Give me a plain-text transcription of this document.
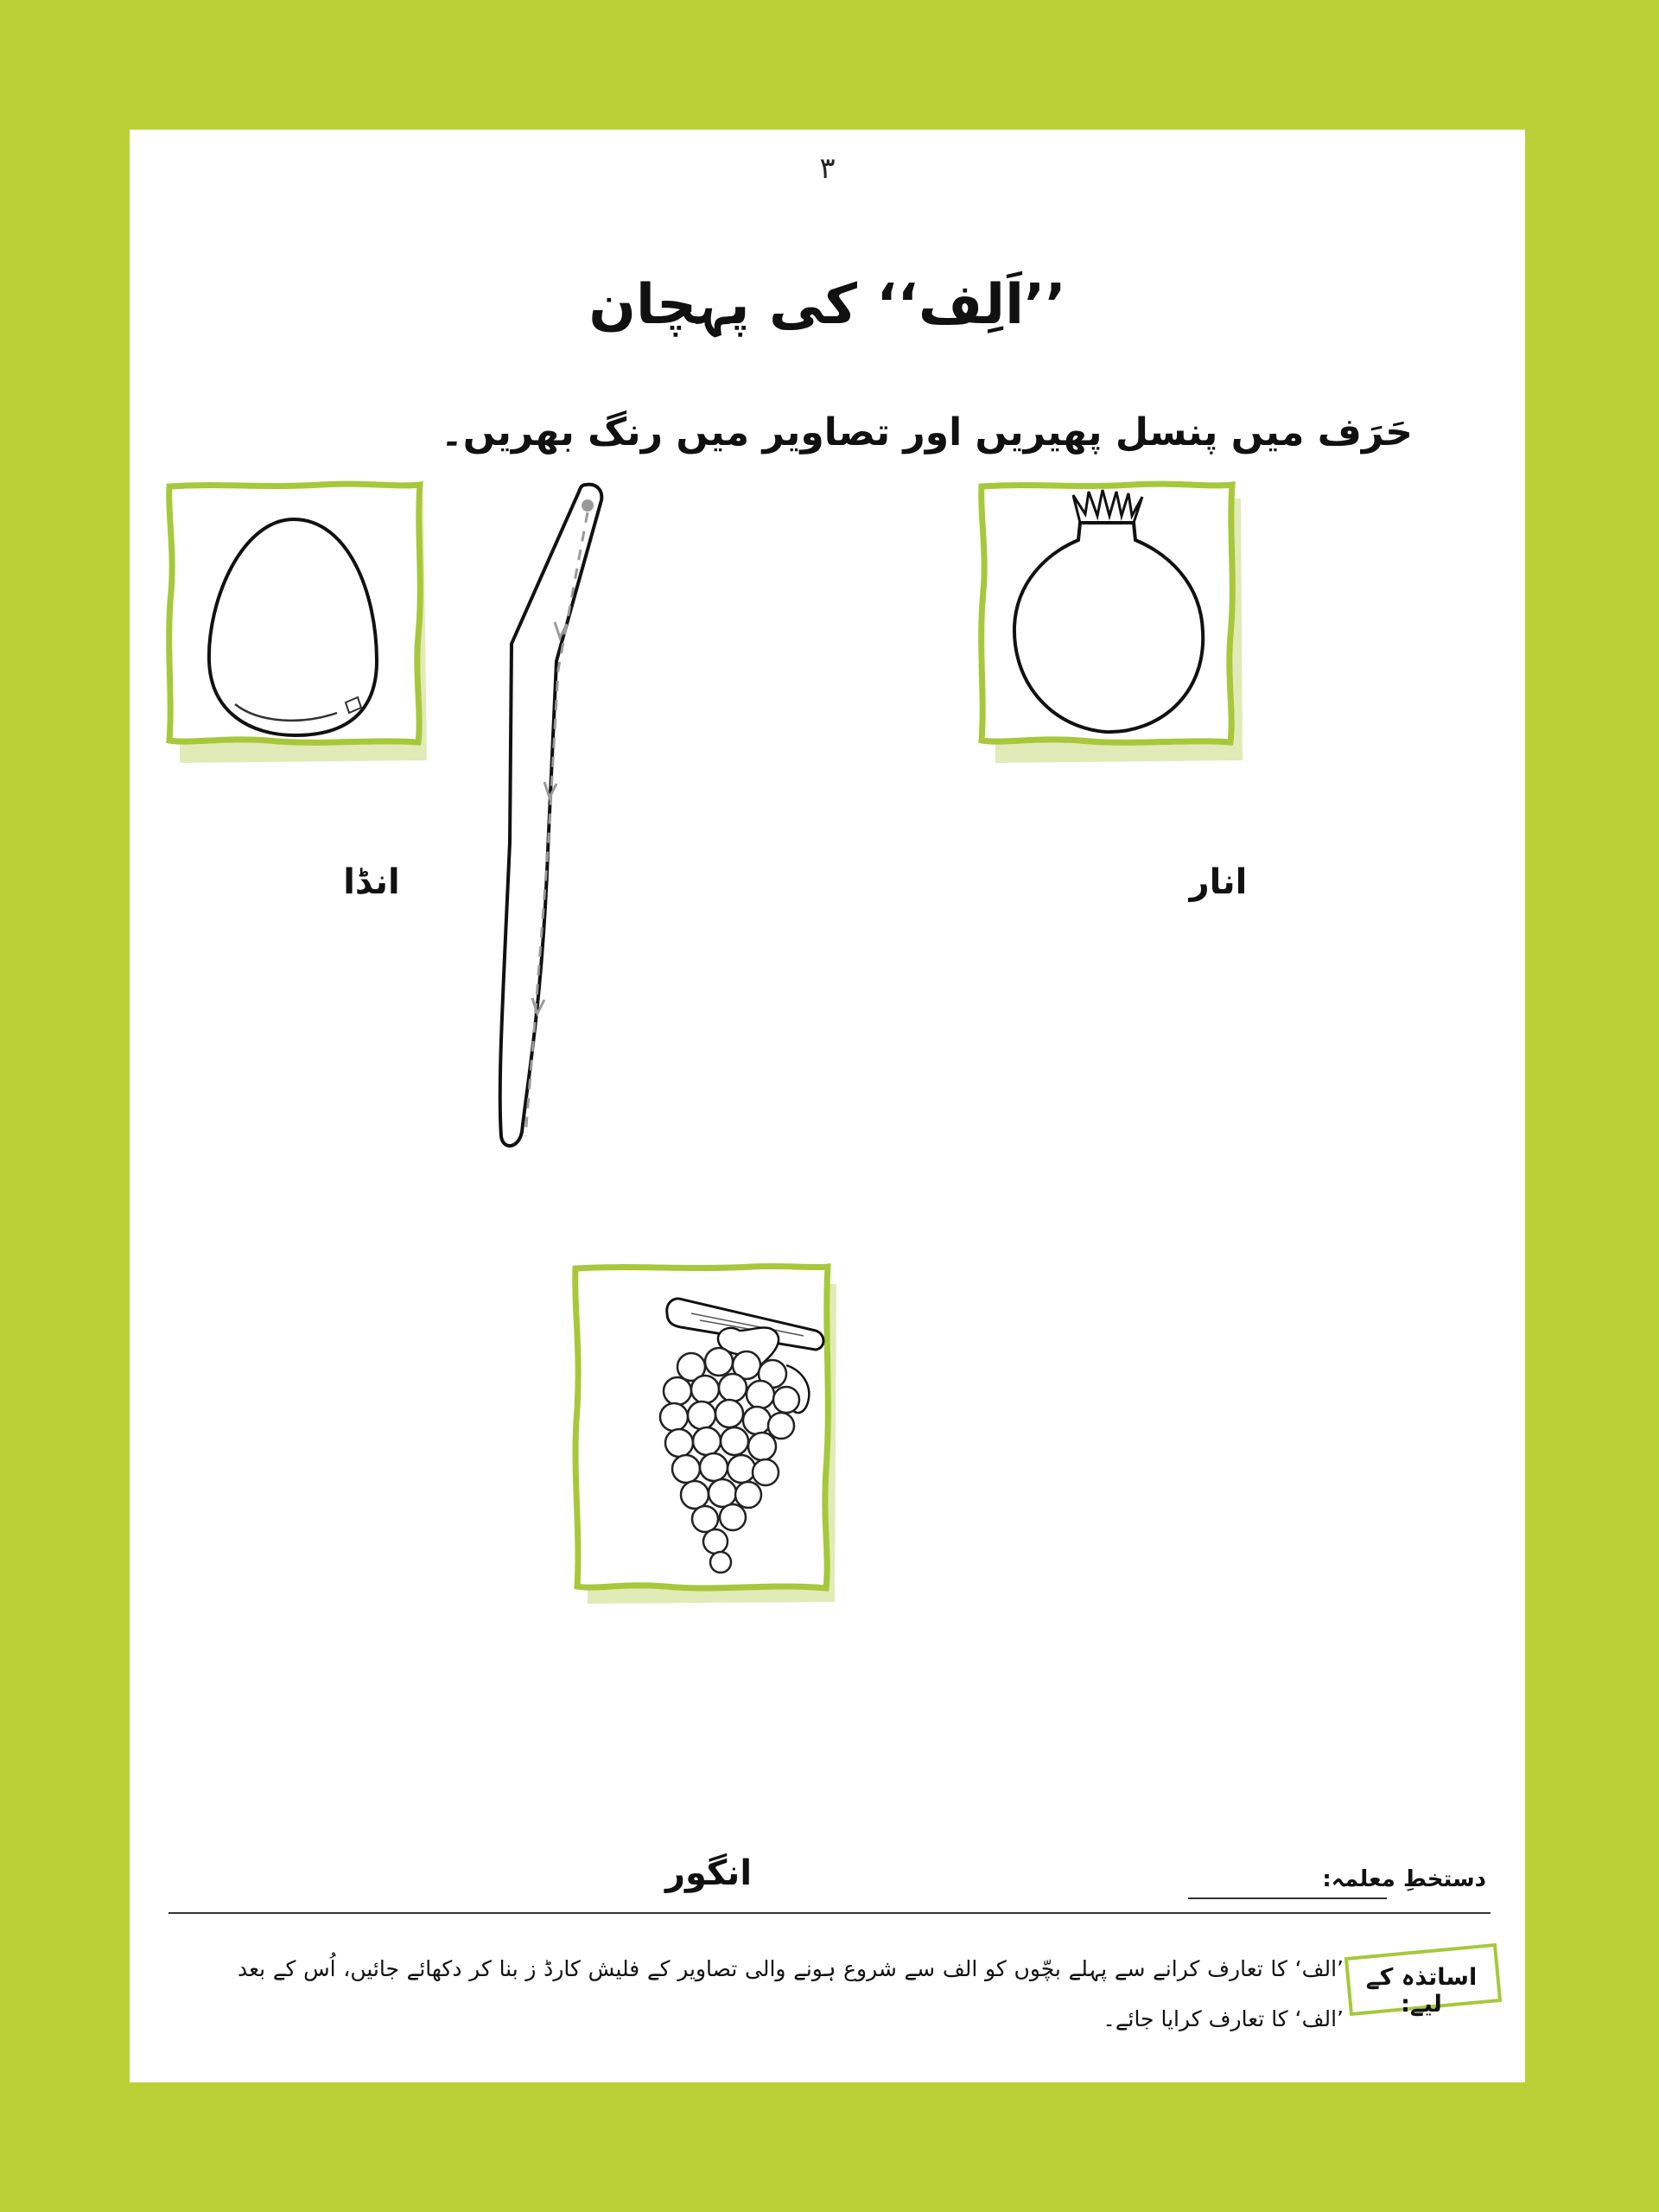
۳
’’اَلِف‘‘ کی پہچان
حَرَف میں پنسل پھیریں اور تصاویر میں رنگ بھریں۔
انڈا	انار
انگور	دستخطِ معلمہ:
اساتذہ کے لیے:
’الف‘ کا تعارف کرانے سے پہلے بچّوں کو الف سے شروع ہونے والی تصاویر کے فلیش کارڈ ز بنا کر دکھائے جائیں، اُس کے بعد ’الف‘ کا تعارف کرایا جائے۔
